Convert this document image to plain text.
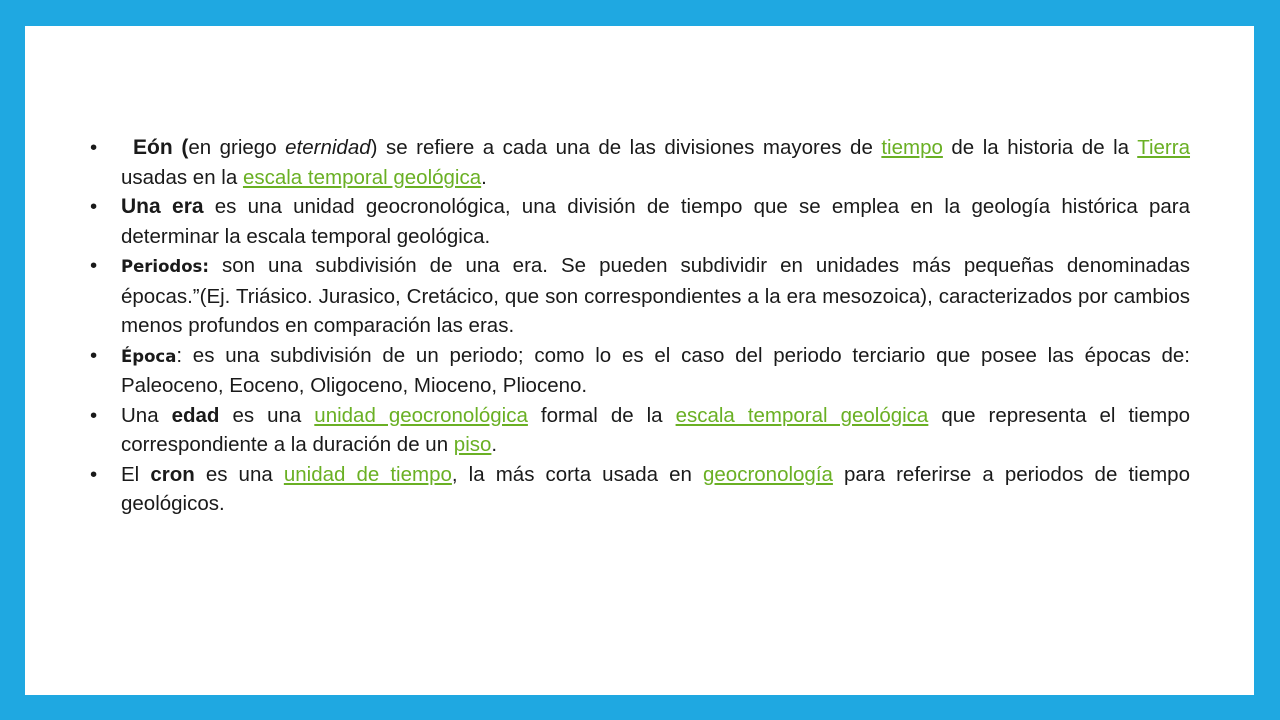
• Eón (en griego eternidad) se refiere a cada una de las divisiones mayores de tiempo de la historia de la Tierra usadas en la escala temporal geológica.
• Una era es una unidad geocronológica, una división de tiempo que se emplea en la geología histórica para determinar la escala temporal geológica.
• Periodos: son una subdivisión de una era. Se pueden subdividir en unidades más pequeñas denominadas épocas.”(Ej. Triásico. Jurasico, Cretácico, que son correspondientes a la era mesozoica), caracterizados por cambios menos profundos en comparación las eras.
• Época: es una subdivisión de un periodo; como lo es el caso del periodo terciario que posee las épocas de: Paleoceno, Eoceno, Oligoceno, Mioceno, Plioceno.
• Una edad es una unidad geocronológica formal de la escala temporal geológica que representa el tiempo correspondiente a la duración de un piso.
• El cron es una unidad de tiempo, la más corta usada en geocronología para referirse a periodos de tiempo geológicos.
